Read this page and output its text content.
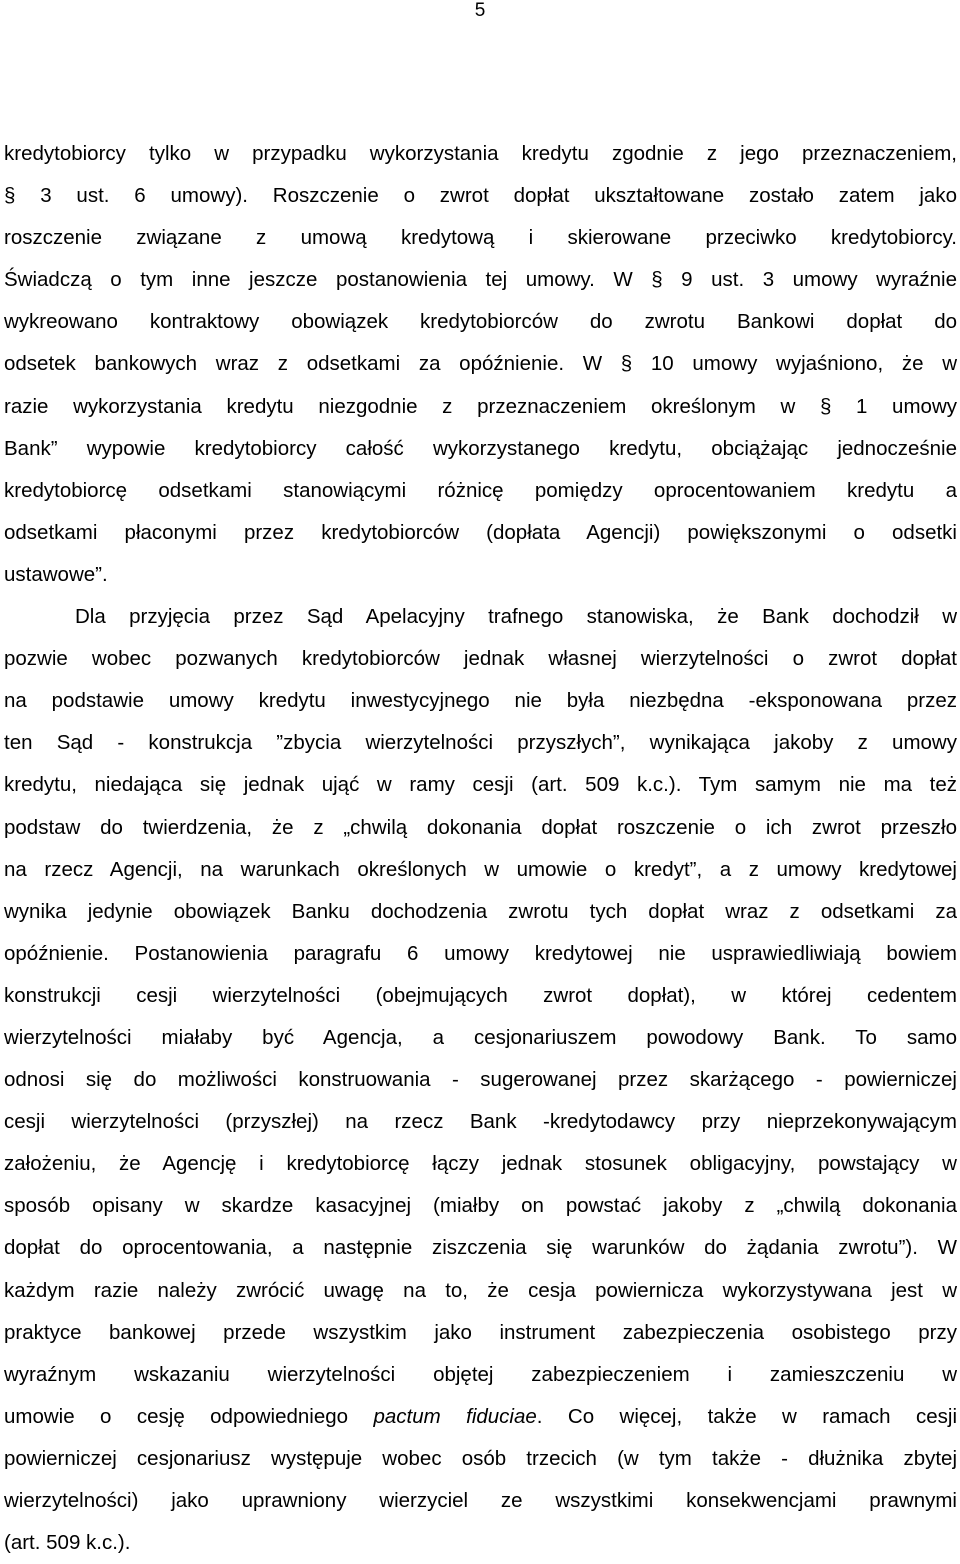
5
kredytobiorcy tylko w przypadku wykorzystania kredytu zgodnie z jego przeznaczeniem,
§ 3 ust. 6 umowy). Roszczenie o zwrot dopłat ukształtowane zostało zatem jako
roszczenie związane z umową kredytową i skierowane przeciwko kredytobiorcy.
Świadczą o tym inne jeszcze postanowienia tej umowy. W § 9 ust. 3 umowy wyraźnie
wykreowano kontraktowy obowiązek kredytobiorców do zwrotu Bankowi dopłat do
odsetek bankowych wraz z odsetkami za opóźnienie. W § 10 umowy wyjaśniono, że w
razie wykorzystania kredytu niezgodnie z przeznaczeniem określonym w § 1 umowy
Bank” wypowie kredytobiorcy całość wykorzystanego kredytu, obciążając jednocześnie
kredytobiorcę odsetkami stanowiącymi różnicę pomiędzy oprocentowaniem kredytu a
odsetkami płaconymi przez kredytobiorców (dopłata Agencji) powiększonymi o odsetki
ustawowe”.
Dla przyjęcia przez Sąd Apelacyjny trafnego stanowiska, że Bank dochodził w
pozwie wobec pozwanych kredytobiorców jednak własnej wierzytelności o zwrot dopłat
na podstawie umowy kredytu inwestycyjnego nie była niezbędna -eksponowana przez
ten Sąd - konstrukcja ”zbycia wierzytelności przyszłych”, wynikająca jakoby z umowy
kredytu, niedająca się jednak ująć w ramy cesji (art. 509 k.c.). Tym samym nie ma też
podstaw do twierdzenia, że z „chwilą dokonania dopłat roszczenie o ich zwrot przeszło
na rzecz Agencji, na warunkach określonych w umowie o kredyt”, a z umowy kredytowej
wynika jedynie obowiązek Banku dochodzenia zwrotu tych dopłat wraz z odsetkami za
opóźnienie. Postanowienia paragrafu 6 umowy kredytowej nie usprawiedliwiają bowiem
konstrukcji cesji wierzytelności (obejmujących zwrot dopłat), w której cedentem
wierzytelności miałaby być Agencja, a cesjonariuszem powodowy Bank. To samo
odnosi się do możliwości konstruowania - sugerowanej przez skarżącego - powierniczej
cesji wierzytelności (przyszłej) na rzecz Bank -kredytodawcy przy nieprzekonywającym
założeniu, że Agencję i kredytobiorcę łączy jednak stosunek obligacyjny, powstający w
sposób opisany w skardze kasacyjnej (miałby on powstać jakoby z „chwilą dokonania
dopłat do oprocentowania, a następnie ziszczenia się warunków do żądania zwrotu”). W
każdym razie należy zwrócić uwagę na to, że cesja powiernicza wykorzystywana jest w
praktyce bankowej przede wszystkim jako instrument zabezpieczenia osobistego przy
wyraźnym wskazaniu wierzytelności objętej zabezpieczeniem i zamieszczeniu w
umowie o cesję odpowiedniego pactum fiduciae. Co więcej, także w ramach cesji
powierniczej cesjonariusz występuje wobec osób trzecich (w tym także - dłużnika zbytej
wierzytelności) jako uprawniony wierzyciel ze wszystkimi konsekwencjami prawnymi
(art. 509 k.c.).
